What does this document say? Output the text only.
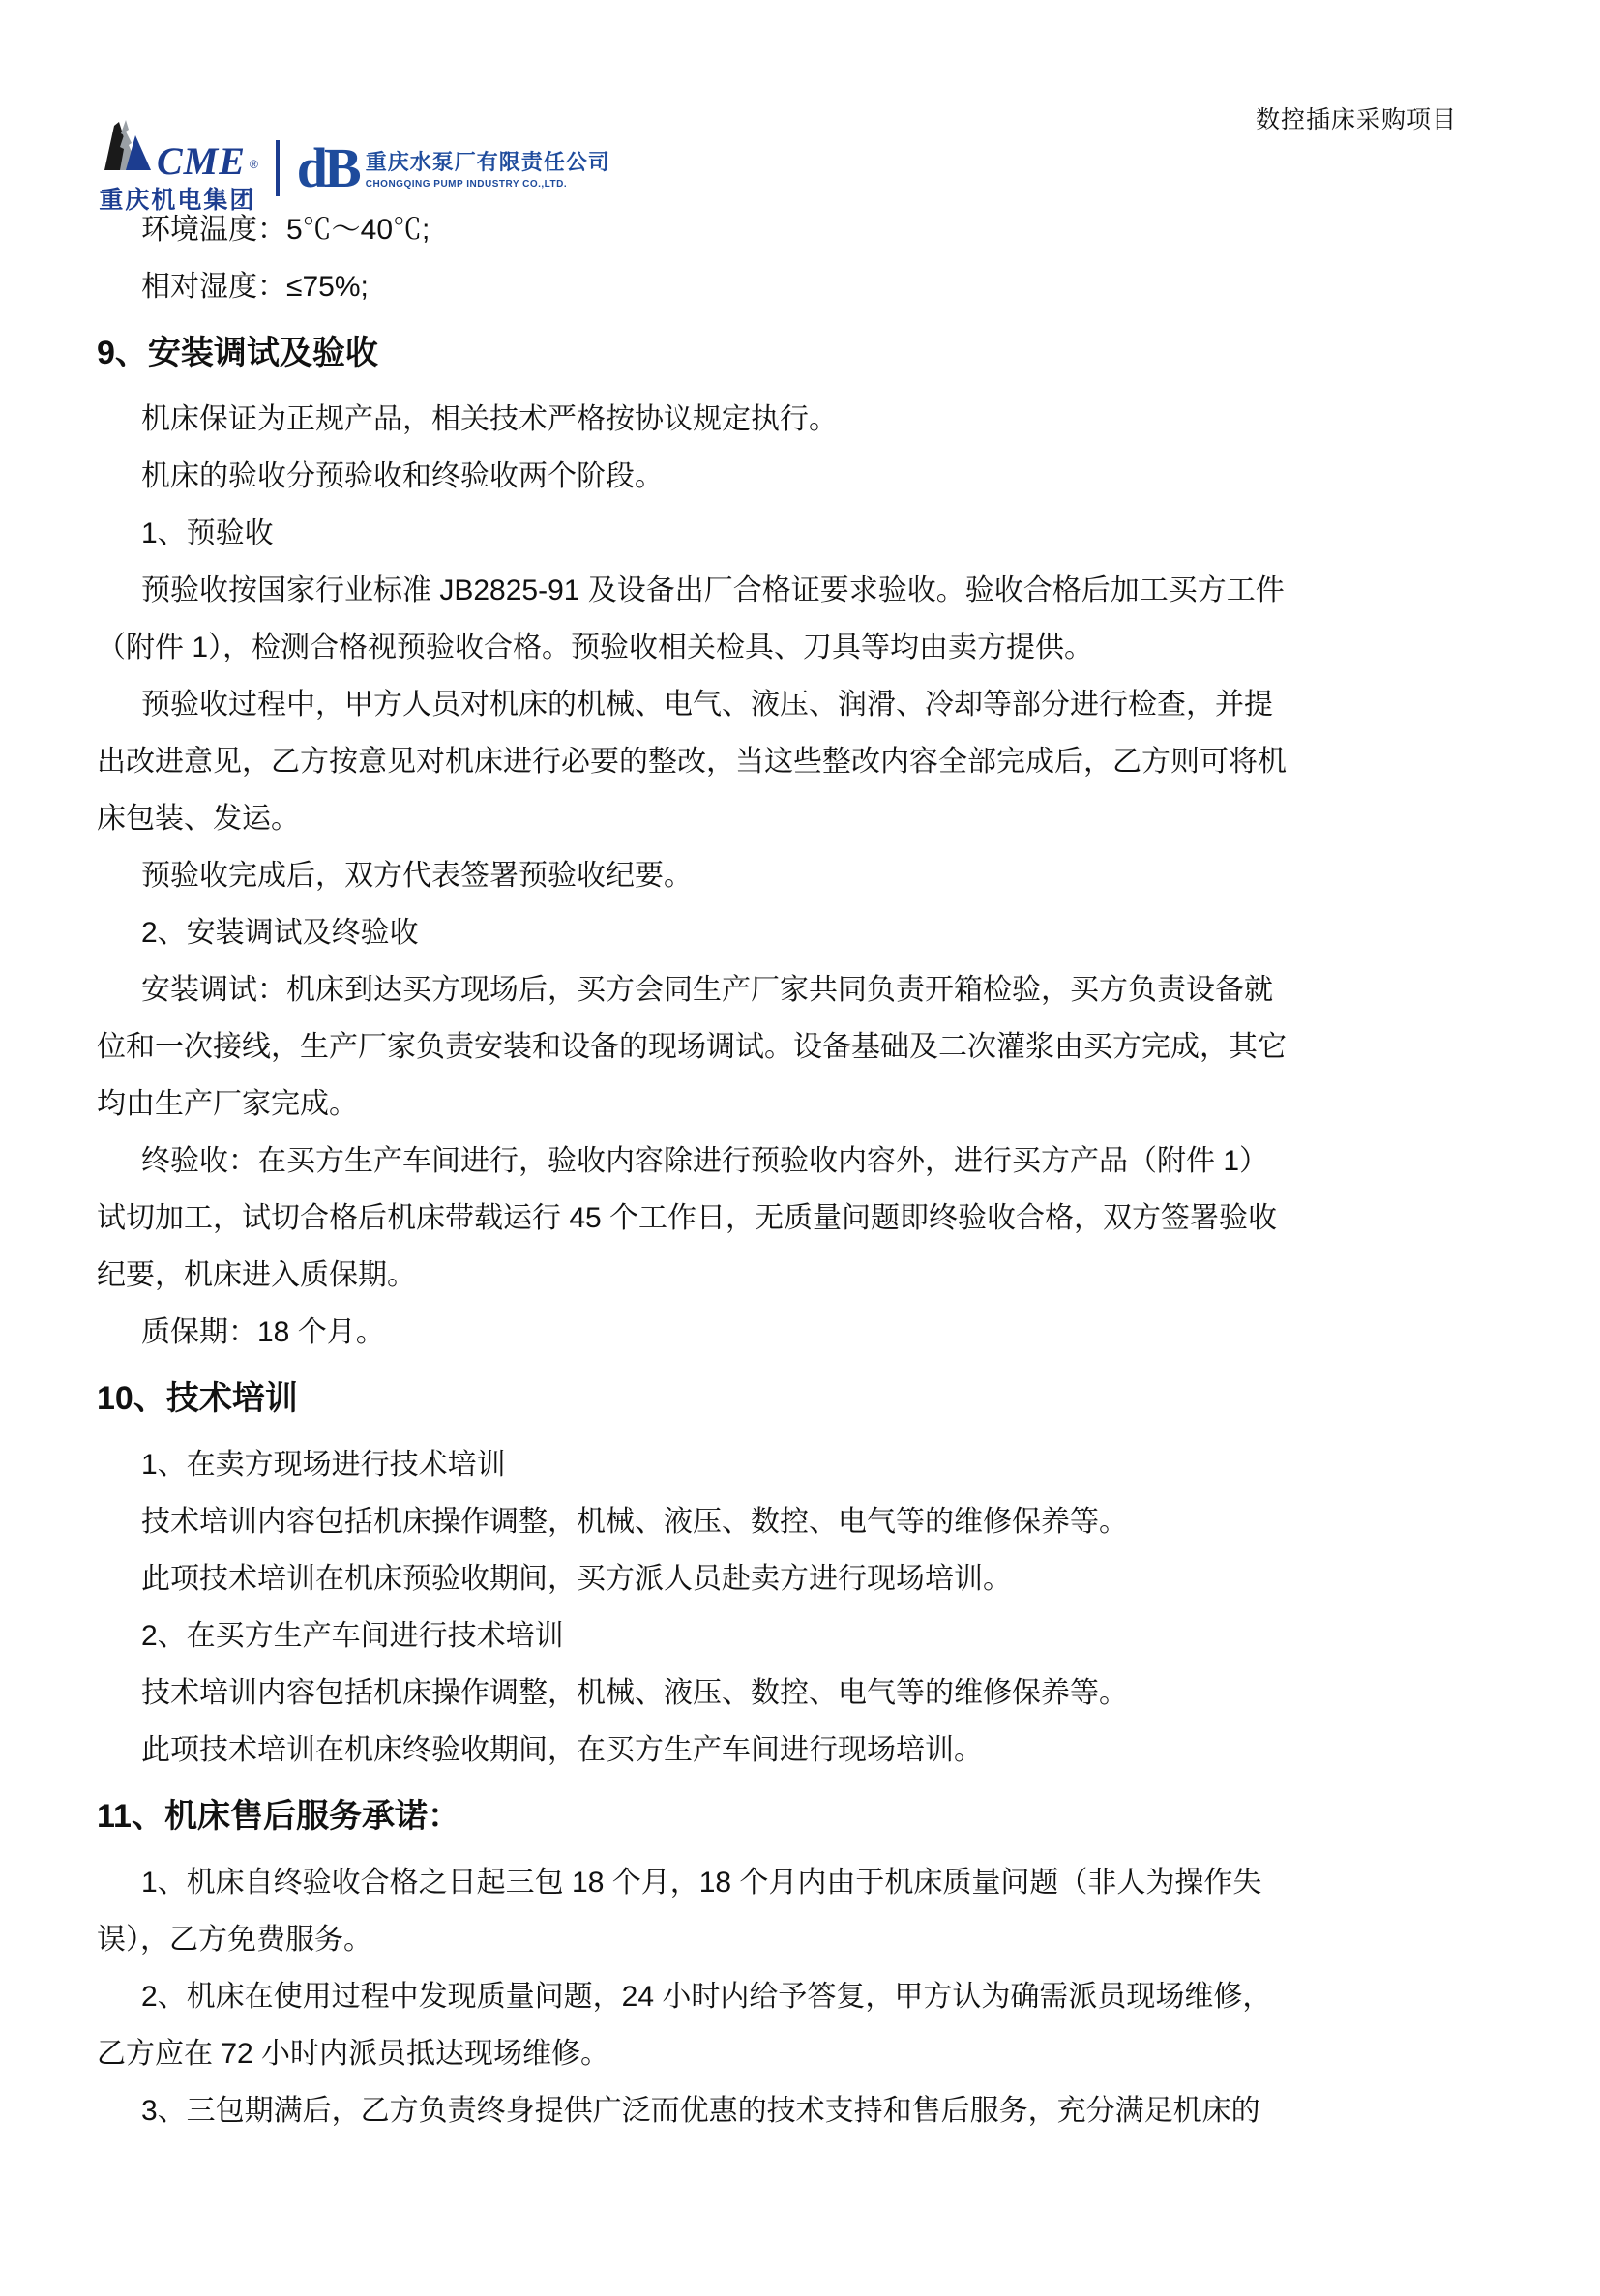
CME ®
重庆机电集团
dB 重庆水泵厂有限责任公司
CHONGQING PUMP INDUSTRY CO.,LTD.
数控插床采购项目

环境温度：5℃～40℃;

相对湿度：≤75%;

9、安装调试及验收

机床保证为正规产品，相关技术严格按协议规定执行。

机床的验收分预验收和终验收两个阶段。

1、预验收

预验收按国家行业标准 JB2825-91 及设备出厂合格证要求验收。验收合格后加工买方工件

（附件 1），检测合格视预验收合格。预验收相关检具、刀具等均由卖方提供。

预验收过程中，甲方人员对机床的机械、电气、液压、润滑、冷却等部分进行检查，并提

出改进意见，乙方按意见对机床进行必要的整改，当这些整改内容全部完成后，乙方则可将机

床包装、发运。

预验收完成后，双方代表签署预验收纪要。

2、安装调试及终验收

安装调试：机床到达买方现场后，买方会同生产厂家共同负责开箱检验，买方负责设备就

位和一次接线，生产厂家负责安装和设备的现场调试。设备基础及二次灌浆由买方完成，其它

均由生产厂家完成。

终验收：在买方生产车间进行，验收内容除进行预验收内容外，进行买方产品（附件 1）

试切加工，试切合格后机床带载运行 45 个工作日，无质量问题即终验收合格，双方签署验收

纪要，机床进入质保期。

质保期：18 个月。

10、技术培训

1、在卖方现场进行技术培训

技术培训内容包括机床操作调整，机械、液压、数控、电气等的维修保养等。

此项技术培训在机床预验收期间，买方派人员赴卖方进行现场培训。

2、在买方生产车间进行技术培训

技术培训内容包括机床操作调整，机械、液压、数控、电气等的维修保养等。

此项技术培训在机床终验收期间，在买方生产车间进行现场培训。

11、机床售后服务承诺：

1、机床自终验收合格之日起三包 18 个月，18 个月内由于机床质量问题（非人为操作失

误），乙方免费服务。

2、机床在使用过程中发现质量问题，24 小时内给予答复，甲方认为确需派员现场维修，

乙方应在 72 小时内派员抵达现场维修。

3、三包期满后，乙方负责终身提供广泛而优惠的技术支持和售后服务，充分满足机床的
